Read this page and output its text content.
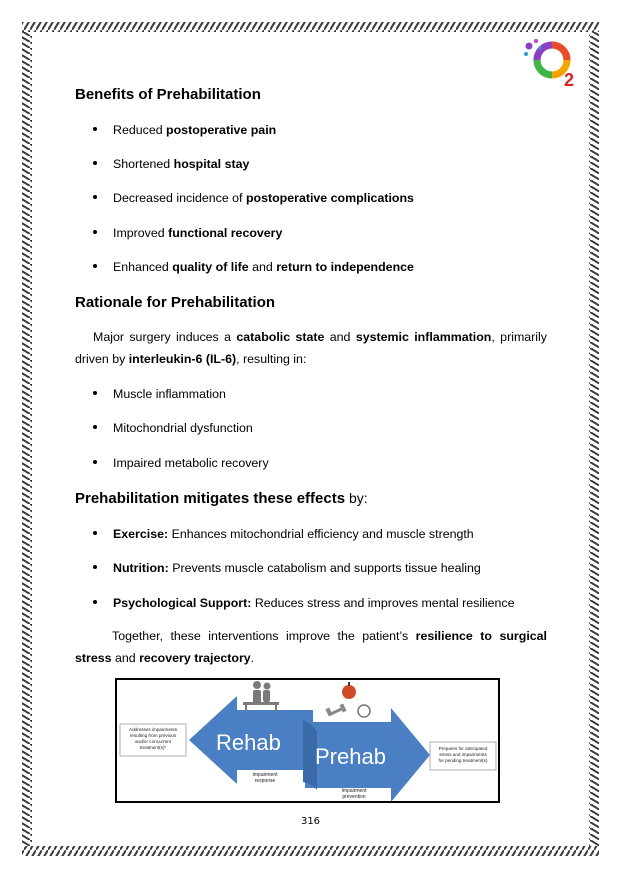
2
Benefits of Prehabilitation
Reduced postoperative pain
Shortened hospital stay
Decreased incidence of postoperative complications
Improved functional recovery
Enhanced quality of life and return to independence
Rationale for Prehabilitation

Major surgery induces a catabolic state and systemic inflammation, primarily driven by interleukin-6 (IL-6), resulting in:

Muscle inflammation
Mitochondrial dysfunction
Impaired metabolic recovery
Prehabilitation mitigates these effects by:
Exercise: Enhances mitochondrial efficiency and muscle strength
Nutrition: Prevents muscle catabolism and supports tissue healing
Psychological Support: Reduces stress and improves mental resilience

Together, these interventions improve the patient’s resilience to surgical stress and recovery trajectory.

Rehab
Prehab
Addresses impairments
resulting from previous
and/or concurrent
treatment(s)*	Prepares for anticipated
stress and impairments
for pending treatment(s)
Impairment
response
Impairment
prevention
316
